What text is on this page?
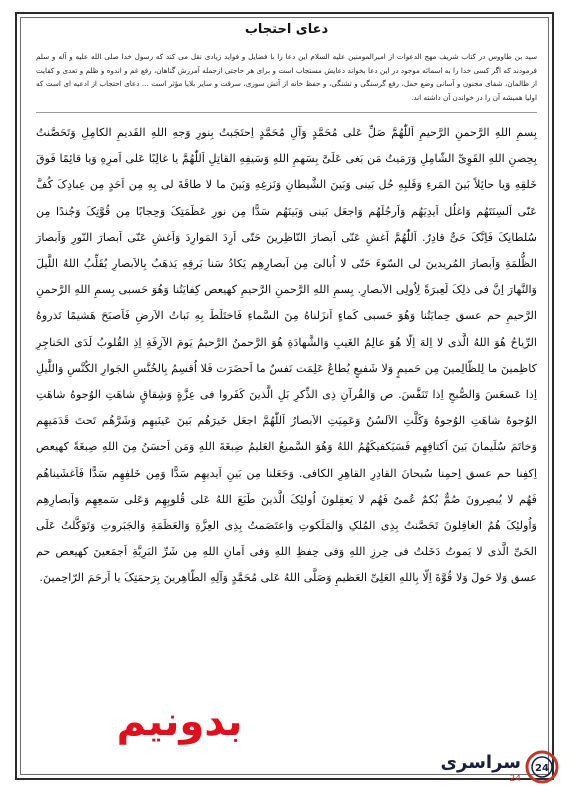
دعای احتجاب
سید بن طاووس در کتاب شریف مهج الدعوات از امیرالمومنین علیه السلام این دعا را با فضایل و فواید زیادی نقل می کند که رسول خدا صلی الله علیه و آله و سلم فرمودند که اگر کسی خدا را به اسمائه موجود در این دعا بخواند دعایش مستجاب است و برای هر حاجتی ازجمله آمرزش گناهان، رفع غم و اندوه و ظلم و تعدی و کفایت از ظالمان، شفای مجنون و آسانی وضع حمل، رفع گرسنگی و تشنگی، و حفظ خانه از آتش سوزی، سرقت و سایر بلایا مؤثر است ... دعای احتجاب از ادعیه ای است که اولیا همیشه آن را در خواندن آن داشته اند.

بِسمِ اللهِ الرَّحمنِ الرَّحیمِ اَللّٰهُمَّ صَلِّ عَلی مُحَمَّدٍ وَآلِ مُحَمَّدٍ اِحتَجَبتُ بِنورِ وَجهِ اللهِ القَدیمِ الکامِلِ وَتَحَصَّنتُ بِحِصنِ اللهِ القَوِیِّ الشّامِلِ وَرَمَیتُ مَن بَغی عَلَیَّ بِسَهمِ اللهِ وَسَیفِهِ القاتِلِ اَللّٰهُمَّ یا غالِبًا عَلی اَمرِهِ وَیا قائِمًا فَوقَ خَلقِهِ وَیا حائِلاً بَینَ المَرءِ وَقَلبِهِ حُل بَینی وَبَینَ الشَّیطانِ وَنَزغِهِ وَبَینَ ما لا طاقَةَ لی بِهِ مِن اَحَدٍ مِن عِبادِکَ کُفَّ عَنّی اَلسِنَتَهُم وَاغلُل اَیدِیَهُم وَاَرجُلَهُم وَاجعَل بَینی وَبَینَهُم سَدًّا مِن نورِ عَظَمَتِکَ وَحِجابًا مِن قُوَّتِکَ وَجُندًا مِن سُلطانِکَ فَاِنَّکَ حَیٌّ قادِرٌ. اَللّٰهُمَّ اَغشِ عَنّی اَبصارَ النّاظِرینَ حَتّی اَرِدَ المَوارِدَ وَاَغشِ عَنّی اَبصارَ النّورِ وَاَبصارَ الظُّلمَةِ وَاَبصارَ المُریدینَ لی السّوءَ حَتّی لا اُبالیَ مِن اَبصارِهِم یَکادُ سَنا بَرقِهِ یَذهَبُ بِالاَبصارِ یُقَلِّبُ اللهُ اللَّیلَ وَالنَّهارَ اِنَّ فی ذلِکَ لَعِبرَةً لِاُولِی الاَبصارِ. بِسمِ اللهِ الرَّحمنِ الرَّحیمِ کهیعص کِفایَتُنا وَهُوَ حَسبی بِسمِ اللهِ الرَّحمنِ الرَّحیمِ حم عسق حِمایَتُنا وَهُوَ حَسبی کَماءٍ اَنزَلناهُ مِنَ السَّماءِ فَاختَلَطَ بِهِ نَباتُ الاَرضِ فَاَصبَحَ هَشیمًا تَذروهُ الرِّیاحُ هُوَ اللهُ الَّذی لا اِلهَ اِلّا هُوَ عالِمُ الغَیبِ وَالشَّهادَةِ هُوَ الرَّحمنُ الرَّحیمُ یَومَ الآزِفَةِ اِذِ القُلوبُ لَدَی الحَناجِرِ کاظِمینَ ما لِلظّالِمینَ مِن حَمیمٍ وَلا شَفیعٍ یُطاعُ عَلِمَت نَفسٌ ما اَحضَرَت فَلا اُقسِمُ بِالخُنَّسِ الجَوارِ الکُنَّسِ وَاللَّیلِ اِذا عَسعَسَ وَالصُّبحِ اِذا تَنَفَّسَ. ص وَالقُرآنِ ذِی الذِّکرِ بَلِ الَّذینَ کَفَروا فی عِزَّةٍ وَشِقاقٍ شاهَتِ الوُجوهُ شاهَتِ الوُجوهُ شاهَتِ الوُجوهُ وَکَلَّتِ الاَلسُنُ وَعَمِیَتِ الاَبصارُ اَللّٰهُمَّ اجعَل خَیرَهُم بَینَ عَینَیهِم وَشَرَّهُم تَحتَ قَدَمَیهِم وَخاتَمَ سُلَیمانَ بَینَ اَکتافِهِم فَسَیَکفیکَهُمُ اللهُ وَهُوَ السَّمیعُ العَلیمُ صِبغَةَ اللهِ وَمَن اَحسَنُ مِنَ اللهِ صِبغَةً کهیعص اِکفِنا حم عسق اِحمِنا سُبحانَ القادِرِ القاهِرِ الکافی. وَجَعَلنا مِن بَینِ اَیدیهِم سَدًّا وَمِن خَلفِهِم سَدًّا فَاَغشَیناهُم فَهُم لا یُبصِرونَ صُمٌّ بُکمٌ عُمیٌ فَهُم لا یَعقِلونَ اُولئِکَ الَّذینَ طَبَعَ اللهُ عَلی قُلوبِهِم وَعَلی سَمعِهِم وَاَبصارِهِم وَاُولئِکَ هُمُ الغافِلونَ تَحَصَّنتُ بِذِی المُلکِ وَالمَلَکوتِ وَاعتَصَمتُ بِذِی العِزَّةِ وَالعَظَمَةِ وَالجَبَروتِ وَتَوَکَّلتُ عَلَی الحَیِّ الَّذی لا یَموتُ دَخَلتُ فی حِرزِ اللهِ وَفی حِفظِ اللهِ وَفی اَمانِ اللهِ مِن شَرِّ البَرِیَّةِ اَجمَعینَ کهیعص حم عسق وَلا حَولَ وَلا قُوَّةَ اِلّا بِاللهِ العَلِیِّ العَظیمِ وَصَلَّی اللهُ عَلی مُحَمَّدٍ وَآلِهِ الطّاهِرینَ بِرَحمَتِکَ یا اَرحَمَ الرّاحِمینَ.

بدونیم
سراسری
24
24
